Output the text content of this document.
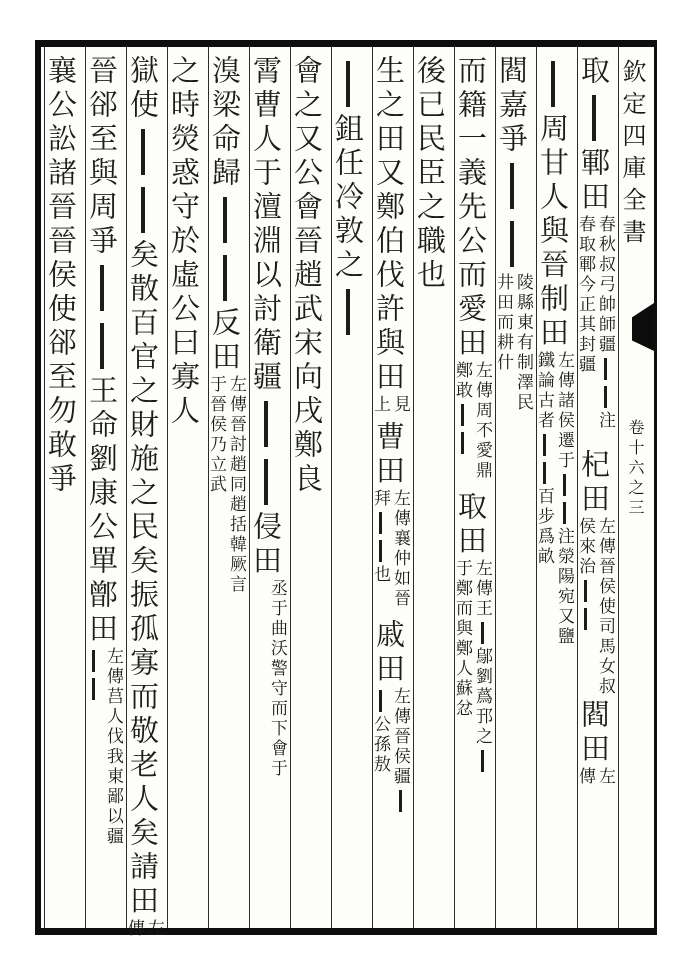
欽定四庫全書
卷十六之三
取鄆田春秋叔弓帥師疆注春取鄆今正其封疆杞田左傳晉侯使司馬女叔侯來治閻田左傳
周甘人與晉制田左傳諸侯遷于注滎陽宛又鹽鐵論古者百步爲畝
閻嘉爭陵縣東有制澤民井田而耕什
而籍一義先公而愛田左傳周不愛鼎鄭敢取田左傳王鄔劉蔿邘之于鄭而與鄭人蘇忿
後已民臣之職也
生之田又鄭伯伐許與田見上曹田左傳襄仲如晉拜也戚田左傳晉侯疆公孫敖
鉏任冷敦之
會之又公會晉趙武宋向戌鄭良
霄曹人于澶淵以討衛疆侵田丞于曲沃警守而下會于
溴梁命歸反田左傳晉討趙同趙括韓厥言于晉侯乃立武
之時熒惑守於虛公曰寡人
獄使矣散百官之財施之民矣振孤寡而敬老人矣請田左傳
晉郤至與周爭王命劉康公單鄫田左傳莒人伐我東鄙以疆
襄公訟諸晉晉侯使郤至勿敢爭
